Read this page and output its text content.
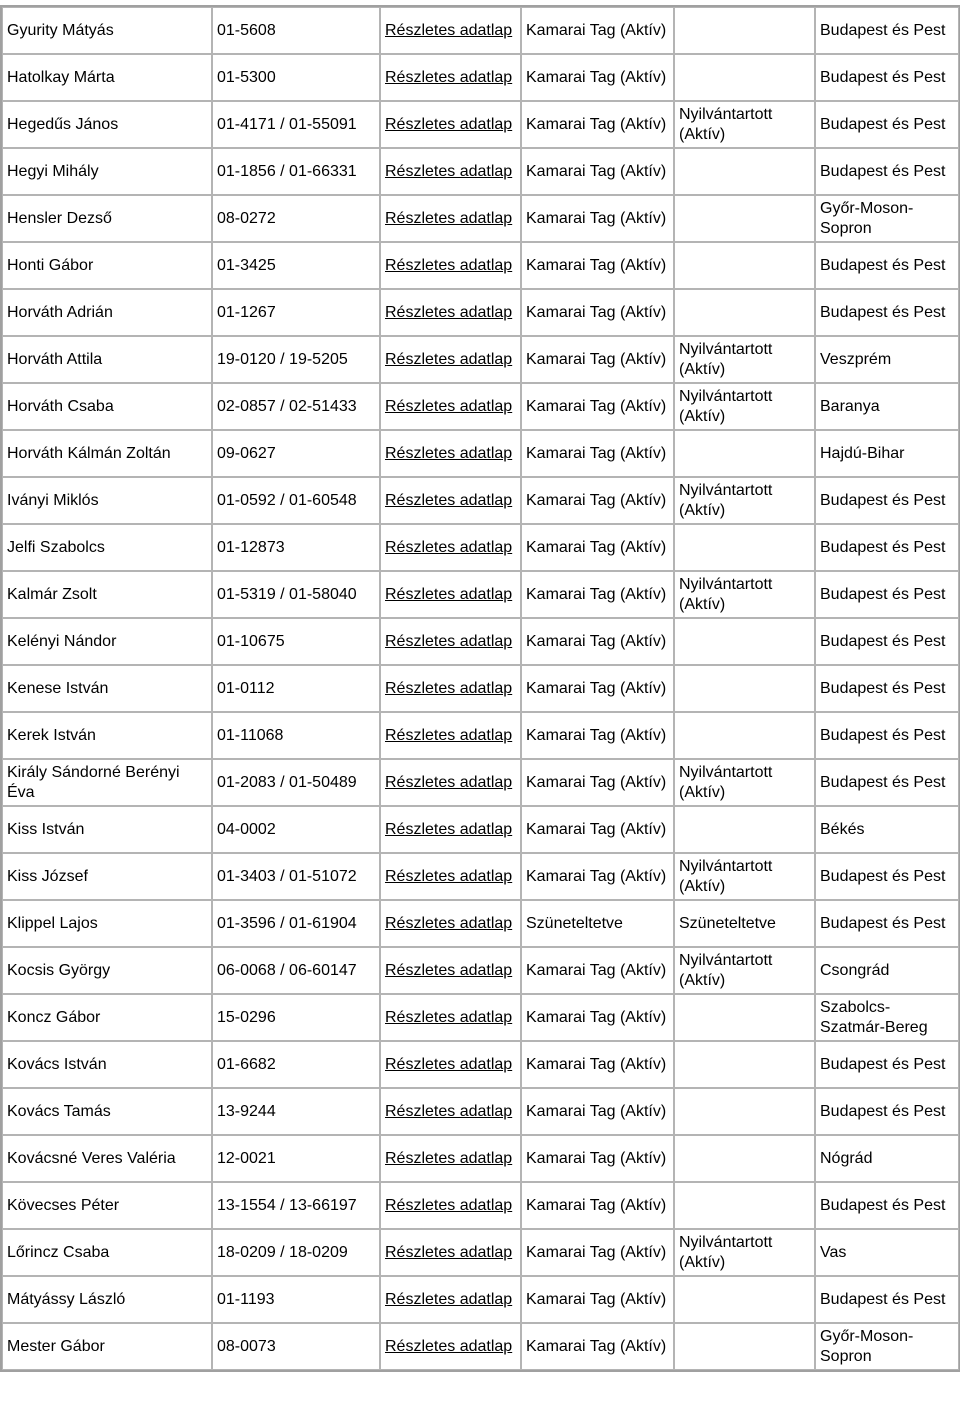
Gyurity Mátyás	01-5608	Részletes adatlap	Kamarai Tag (Aktív)		Budapest és Pest
Hatolkay Márta	01-5300	Részletes adatlap	Kamarai Tag (Aktív)		Budapest és Pest
Hegedűs János	01-4171 / 01-55091	Részletes adatlap	Kamarai Tag (Aktív)	Nyilvántartott (Aktív)	Budapest és Pest
Hegyi Mihály	01-1856 / 01-66331	Részletes adatlap	Kamarai Tag (Aktív)		Budapest és Pest
Hensler Dezső	08-0272	Részletes adatlap	Kamarai Tag (Aktív)		Győr-Moson-Sopron
Honti Gábor	01-3425	Részletes adatlap	Kamarai Tag (Aktív)		Budapest és Pest
Horváth Adrián	01-1267	Részletes adatlap	Kamarai Tag (Aktív)		Budapest és Pest
Horváth Attila	19-0120 / 19-5205	Részletes adatlap	Kamarai Tag (Aktív)	Nyilvántartott (Aktív)	Veszprém
Horváth Csaba	02-0857 / 02-51433	Részletes adatlap	Kamarai Tag (Aktív)	Nyilvántartott (Aktív)	Baranya
Horváth Kálmán Zoltán	09-0627	Részletes adatlap	Kamarai Tag (Aktív)		Hajdú-Bihar
Iványi Miklós	01-0592 / 01-60548	Részletes adatlap	Kamarai Tag (Aktív)	Nyilvántartott (Aktív)	Budapest és Pest
Jelfi Szabolcs	01-12873	Részletes adatlap	Kamarai Tag (Aktív)		Budapest és Pest
Kalmár Zsolt	01-5319 / 01-58040	Részletes adatlap	Kamarai Tag (Aktív)	Nyilvántartott (Aktív)	Budapest és Pest
Kelényi Nándor	01-10675	Részletes adatlap	Kamarai Tag (Aktív)		Budapest és Pest
Kenese István	01-0112	Részletes adatlap	Kamarai Tag (Aktív)		Budapest és Pest
Kerek István	01-11068	Részletes adatlap	Kamarai Tag (Aktív)		Budapest és Pest
Király Sándorné Berényi Éva	01-2083 / 01-50489	Részletes adatlap	Kamarai Tag (Aktív)	Nyilvántartott (Aktív)	Budapest és Pest
Kiss István	04-0002	Részletes adatlap	Kamarai Tag (Aktív)		Békés
Kiss József	01-3403 / 01-51072	Részletes adatlap	Kamarai Tag (Aktív)	Nyilvántartott (Aktív)	Budapest és Pest
Klippel Lajos	01-3596 / 01-61904	Részletes adatlap	Szüneteltetve	Szüneteltetve	Budapest és Pest
Kocsis György	06-0068 / 06-60147	Részletes adatlap	Kamarai Tag (Aktív)	Nyilvántartott (Aktív)	Csongrád
Koncz Gábor	15-0296	Részletes adatlap	Kamarai Tag (Aktív)		Szabolcs-Szatmár-Bereg
Kovács István	01-6682	Részletes adatlap	Kamarai Tag (Aktív)		Budapest és Pest
Kovács Tamás	13-9244	Részletes adatlap	Kamarai Tag (Aktív)		Budapest és Pest
Kovácsné Veres Valéria	12-0021	Részletes adatlap	Kamarai Tag (Aktív)		Nógrád
Kövecses Péter	13-1554 / 13-66197	Részletes adatlap	Kamarai Tag (Aktív)		Budapest és Pest
Lőrincz Csaba	18-0209 / 18-0209	Részletes adatlap	Kamarai Tag (Aktív)	Nyilvántartott (Aktív)	Vas
Mátyássy László	01-1193	Részletes adatlap	Kamarai Tag (Aktív)		Budapest és Pest
Mester Gábor	08-0073	Részletes adatlap	Kamarai Tag (Aktív)		Győr-Moson-Sopron
